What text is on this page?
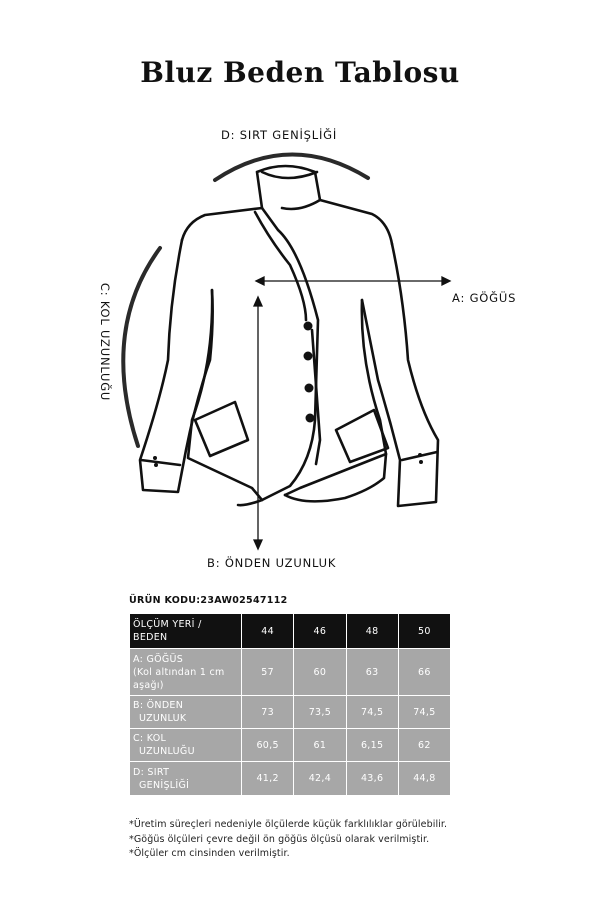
Bluz Beden Tablosu
D: SIRT GENİŞLİĞİ
A: GÖĞÜS
C: KOL UZUNLUĞU
B: ÖNDEN UZUNLUK
ÜRÜN KODU:23AW02547112
ÖLÇÜM YERİ /
BEDEN	44	46	48	50

A: GÖĞÜS
(Kol altından 1 cm
aşağı)	57	60	63	66

B: ÖNDEN
UZUNLUK	73	73,5	74,5	74,5

C: KOL
UZUNLUĞU	60,5	61	6,15	62

D: SIRT
GENİŞLİĞİ	41,2	42,4	43,6	44,8
*Üretim süreçleri nedeniyle ölçülerde küçük farklılıklar görülebilir.
*Göğüs ölçüleri çevre değil ön göğüs ölçüsü olarak verilmiştir.
*Ölçüler cm cinsinden verilmiştir.
